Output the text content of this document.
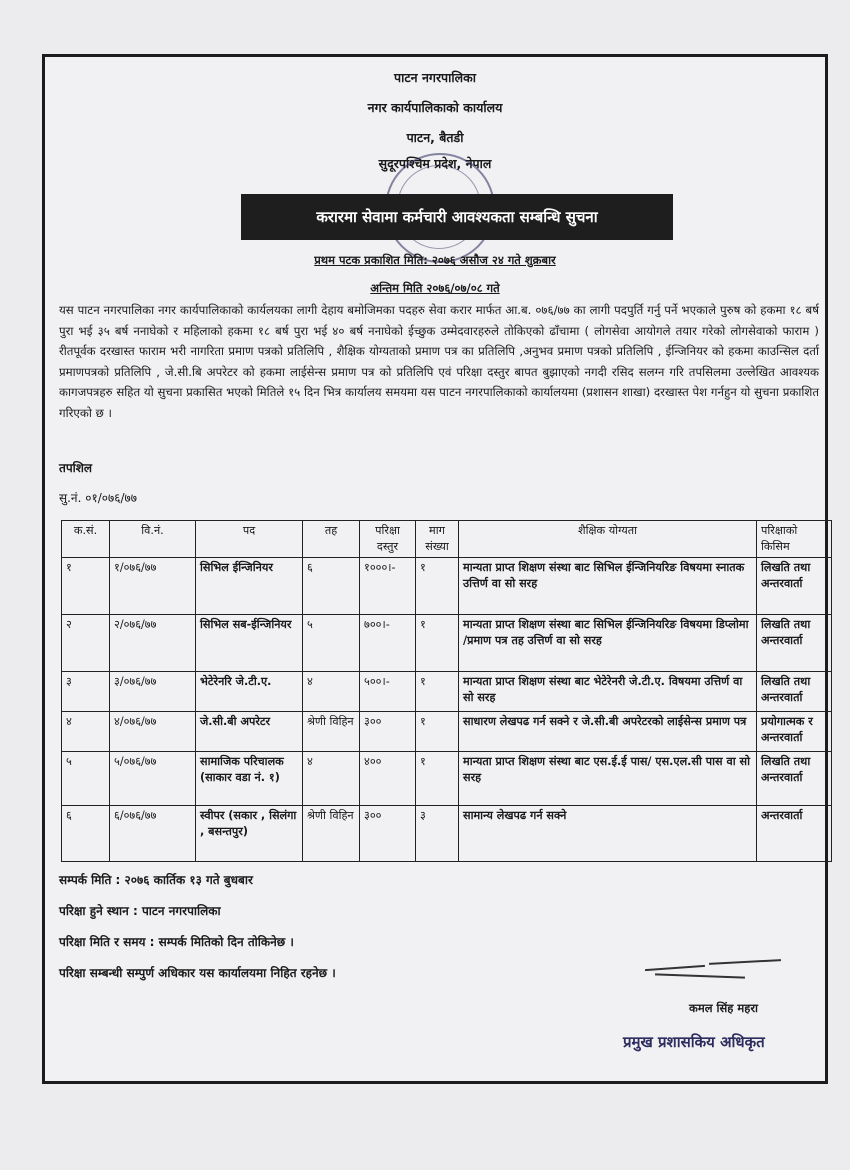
पाटन नगरपालिका
नगर कार्यपालिकाको कार्यालय
पाटन, बैतडी
सुदूरपश्चिम प्रदेश, नेपाल
करारमा सेवामा कर्मचारी आवश्यकता सम्बन्धि सुचना
प्रथम पटक प्रकाशित मिति: २०७६ असौज २४ गते शुक्रबार
अन्तिम मिति २०७६/०७/०८ गते
यस पाटन नगरपालिका नगर कार्यपालिकाको कार्यलयका लागी देहाय बमोजिमका पदहरु सेवा करार मार्फत आ.ब. ०७६/७७ का लागी पदपुर्ति गर्नु पर्ने भएकाले पुरुष को हकमा १८ बर्ष पुरा भई ३५ बर्ष ननाघेको र महिलाको हकमा १८ बर्ष पुरा भई ४० बर्ष ननाघेको ईच्छुक उम्मेदवारहरुले तोकिएको ढाँचामा ( लोगसेवा आयोगले तयार गरेको लोगसेवाको फाराम ) रीतपूर्वक दरखास्त फाराम भरी नागरिता प्रमाण पत्रको प्रतिलिपि , शैक्षिक योग्यताको प्रमाण पत्र का प्रतिलिपि ,अनुभव प्रमाण पत्रको प्रतिलिपि , ईन्जिनियर को हकमा काउन्सिल दर्ता प्रमाणपत्रको प्रतिलिपि , जे.सी.बि अपरेटर को हकमा लाईसेन्स प्रमाण पत्र को प्रतिलिपि एवं परिक्षा दस्तुर बापत बुझाएको नगदी रसिद सलग्न गरि तपसिलमा उल्लेखित आवश्यक कागजपत्रहरु सहित यो सुचना प्रकासित भएको मितिले १५ दिन भित्र कार्यालय समयमा यस पाटन नगरपालिकाको कार्यालयमा (प्रशासन शाखा) दरखास्त पेश गर्नहुन यो सुचना प्रकाशित गरिएको छ ।
तपशिल
सु.नं. ०१/०७६/७७
क.सं.	वि.नं.	पद	तह	परिक्षा दस्तुर	माग संख्या	शैक्षिक योग्यता	परिक्षाको किसिम
१	१/०७६/७७	सिभिल ईन्जिनियर	६	१०००।-	१	मान्यता प्राप्त शिक्षण संस्था बाट सिभिल ईन्जिनियरिङ विषयमा स्नातक उत्तिर्ण वा सो सरह	लिखति तथा अन्तरवार्ता
२	२/०७६/७७	सिभिल सब-ईन्जिनियर	५	७००।-	१	मान्यता प्राप्त शिक्षण संस्था बाट सिभिल ईन्जिनियरिङ विषयमा डिप्लोमा /प्रमाण पत्र तह उत्तिर्ण वा सो सरह	लिखति तथा अन्तरवार्ता
३	३/०७६/७७	भेटेरेनरि जे.टी.ए.	४	५००।-	१	मान्यता प्राप्त शिक्षण संस्था बाट भेटेरेनरी जे.टी.ए. विषयमा उत्तिर्ण वा सो सरह	लिखति तथा अन्तरवार्ता
४	४/०७६/७७	जे.सी.बी अपरेटर	श्रेणी विहिन	३००	१	साधारण लेखपढ गर्न सक्ने र जे.सी.बी अपरेटरको लाईसेन्स प्रमाण पत्र	प्रयोगात्मक र अन्तरवार्ता
५	५/०७६/७७	सामाजिक परिचालक (साकार वडा नं. १)	४	४००	१	मान्यता प्राप्त शिक्षण संस्था बाट एस.ई.ई पास/ एस.एल.सी पास वा सो सरह	लिखति तथा अन्तरवार्ता
६	६/०७६/७७	स्वीपर (सकार , सिलंगा , बसन्तपुर)	श्रेणी विहिन	३००	३	सामान्य लेखपढ गर्न सक्ने	अन्तरवार्ता
सम्पर्क मिति : २०७६ कार्तिक १३ गते बुधबार
परिक्षा हुने स्थान : पाटन नगरपालिका
परिक्षा मिति र समय : सम्पर्क मितिको दिन तोकिनेछ ।
परिक्षा सम्बन्धी सम्पुर्ण अधिकार यस कार्यालयमा निहित रहनेछ ।
कमल सिंह महरा
प्रमुख प्रशासकिय अधिकृत
